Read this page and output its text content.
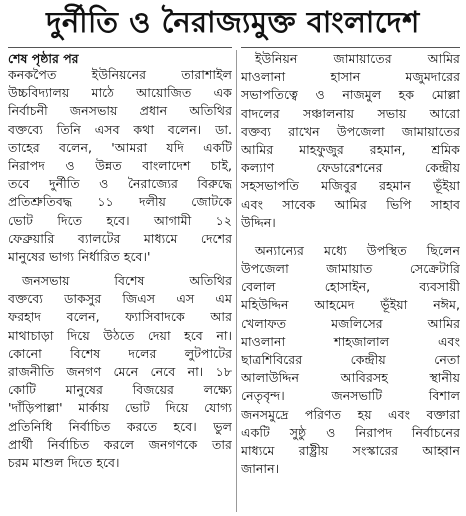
দুর্নীতি ও নৈরাজ্যমুক্ত বাংলাদেশ
শেষ পৃষ্ঠার পর
কনকপৈত ইউনিয়নের তারাশাইল
উচ্চবিদ্যালয় মাঠে আয়োজিত এক
নির্বাচনী জনসভায় প্রধান অতিথির
বক্তব্যে তিনি এসব কথা বলেন। ডা.
তাহের বলেন, 'আমরা যদি একটি
নিরাপদ ও উন্নত বাংলাদেশ চাই,
তবে দুর্নীতি ও নৈরাজ্যের বিরুদ্ধে
প্রতিশ্রুতিবদ্ধ ১১ দলীয় জোটকে
ভোট দিতে হবে। আগামী ১২
ফেব্রুয়ারি ব্যালটের মাধ্যমে দেশের
মানুষের ভাগ্য নির্ধারিত হবে।'
জনসভায় বিশেষ অতিথির
বক্তব্যে ডাকসুর জিএস এস এম
ফরহাদ বলেন, ফ্যাসিবাদকে আর
মাথাচাড়া দিয়ে উঠতে দেয়া হবে না।
কোনো বিশেষ দলের লুটপাটের
রাজনীতি জনগণ মেনে নেবে না। ১৮
কোটি মানুষের বিজয়ের লক্ষ্যে
'দাঁড়িপাল্লা' মার্কায় ভোট দিয়ে যোগ্য
প্রতিনিধি নির্বাচিত করতে হবে। ভুল
প্রার্থী নির্বাচিত করলে জনগণকে তার
চরম মাশুল দিতে হবে।
ইউনিয়ন জামায়াতের আমির
মাওলানা হাসান মজুমদারের
সভাপতিত্বে ও নাজমুল হক মোল্লা
বাদলের সঞ্চালনায় সভায় আরো
বক্তব্য রাখেন উপজেলা জামায়াতের
আমির মাহফুজুর রহমান, শ্রমিক
কল্যাণ ফেডারেশনের কেন্দ্রীয়
সহসভাপতি মজিবুর রহমান ভূঁইয়া
এবং সাবেক আমির ভিপি সাহাব
উদ্দিন।
অন্যান্যের মধ্যে উপস্থিত ছিলেন
উপজেলা জামায়াত সেক্রেটারি
বেলাল হোসাইন, ব্যবসায়ী
মহিউদ্দিন আহমেদ ভূঁইয়া নঈম,
খেলাফত মজলিসের আমির
মাওলানা শাহজালাল এবং
ছাত্রশিবিরের কেন্দ্রীয় নেতা
আলাউদ্দিন আবিরসহ স্থানীয়
নেতৃবৃন্দ। জনসভাটি বিশাল
জনসমুদ্রে পরিণত হয় এবং বক্তারা
একটি সুষ্ঠু ও নিরাপদ নির্বাচনের
মাধ্যমে রাষ্ট্রীয় সংস্কারের আহ্বান
জানান।
